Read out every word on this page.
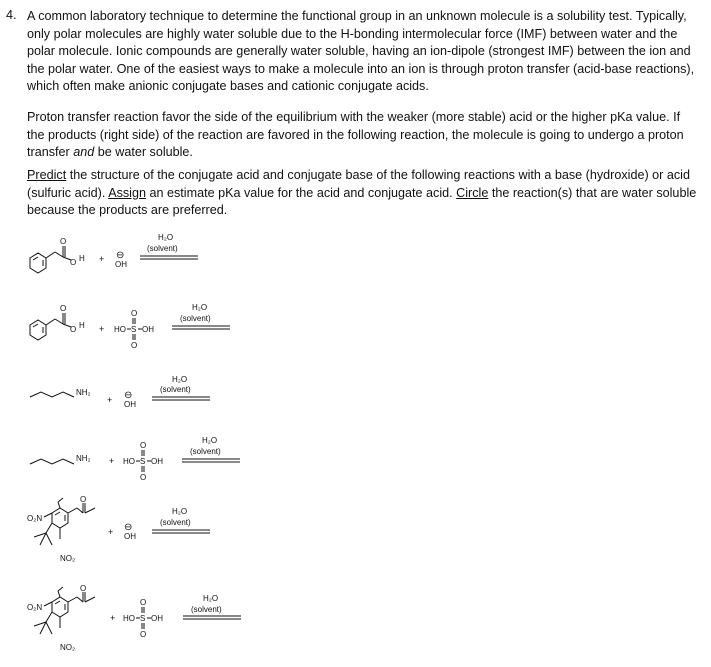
4. A common laboratory technique to determine the functional group in an unknown molecule is a solubility test. Typically, only polar molecules are highly water soluble due to the H-bonding intermolecular force (IMF) between water and the polar molecule. Ionic compounds are generally water soluble, having an ion-dipole (strongest IMF) between the ion and the polar water. One of the easiest ways to make a molecule into an ion is through proton transfer (acid-base reactions), which often make anionic conjugate bases and cationic conjugate acids.
Proton transfer reaction favor the side of the equilibrium with the weaker (more stable) acid or the higher pKa value. If the products (right side) of the reaction are favored in the following reaction, the molecule is going to undergo a proton transfer and be water soluble.
Predict the structure of the conjugate acid and conjugate base of the following reactions with a base (hydroxide) or acid (sulfuric acid). Assign an estimate pKa value for the acid and conjugate acid. Circle the reaction(s) that are water soluble because the products are preferred.
O
O H + ⊖
OH
H₂O
(solvent)
O
O H + HO S OH
O
O
H₂O
(solvent)
NH₂
+ ⊖
OH
H₂O
(solvent)
NH₂ + HO S OH
O
O
H₂O
(solvent)
O
O₂N
NO₂
+ ⊖
OH
H₂O
(solvent)
O
O₂N
NO₂
+ HO S OH
O
O
H₂O
(solvent)
